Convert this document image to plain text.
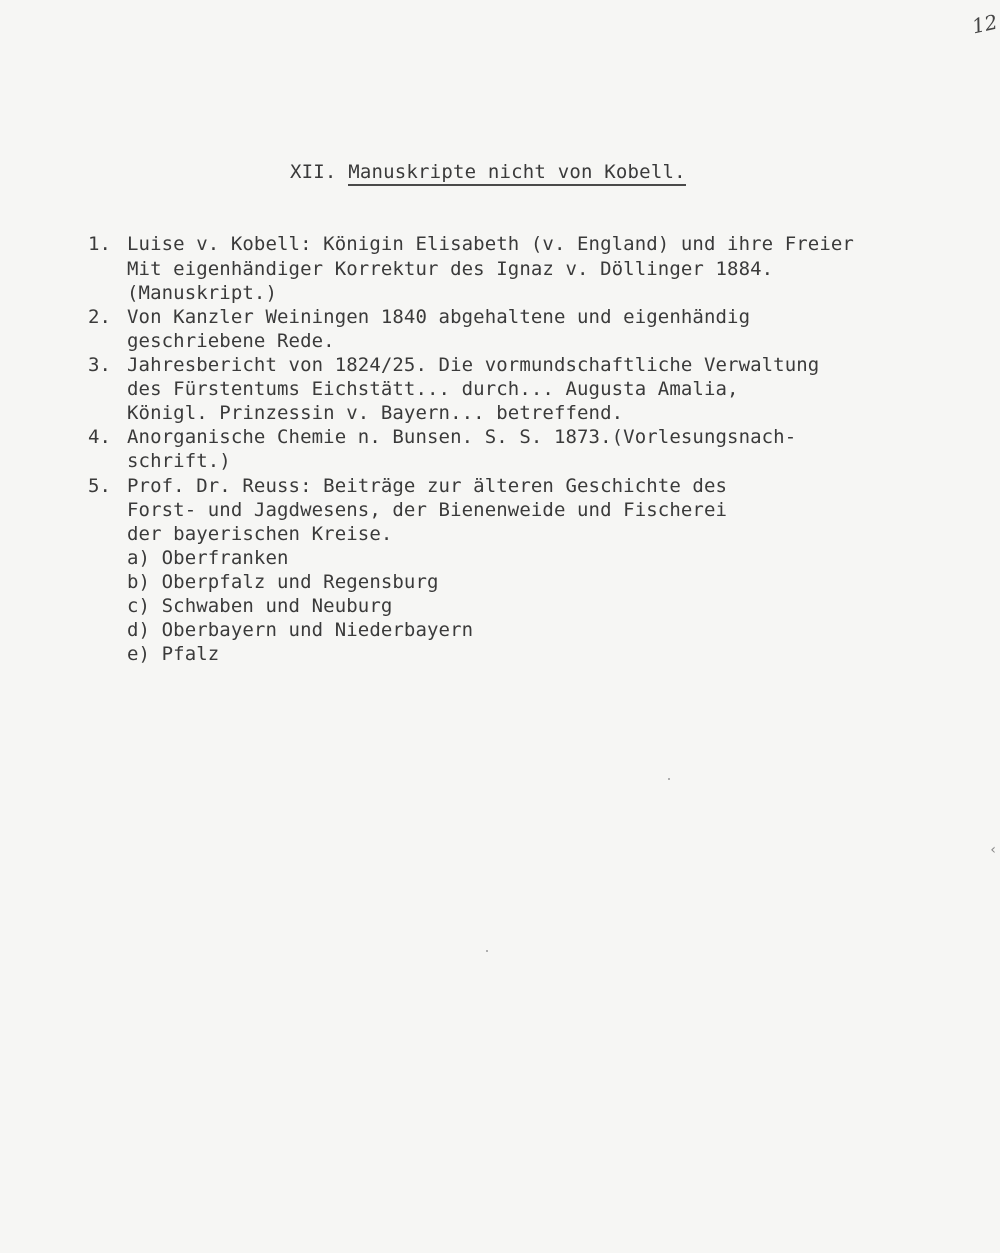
12
XII. Manuskripte nicht von Kobell.
1. Luise v. Kobell: Königin Elisabeth (v. England) und ihre Freier
Mit eigenhändiger Korrektur des Ignaz v. Döllinger 1884.
(Manuskript.)
2. Von Kanzler Weiningen 1840 abgehaltene und eigenhändig
geschriebene Rede.
3. Jahresbericht von 1824/25. Die vormundschaftliche Verwaltung
des Fürstentums Eichstätt... durch... Augusta Amalia,
Königl. Prinzessin v. Bayern... betreffend.
4. Anorganische Chemie n. Bunsen. S. S. 1873.(Vorlesungsnach-
schrift.)
5. Prof. Dr. Reuss: Beiträge zur älteren Geschichte des
Forst- und Jagdwesens, der Bienenweide und Fischerei
der bayerischen Kreise.
a) Oberfranken
b) Oberpfalz und Regensburg
c) Schwaben und Neuburg
d) Oberbayern und Niederbayern
e) Pfalz
‹
